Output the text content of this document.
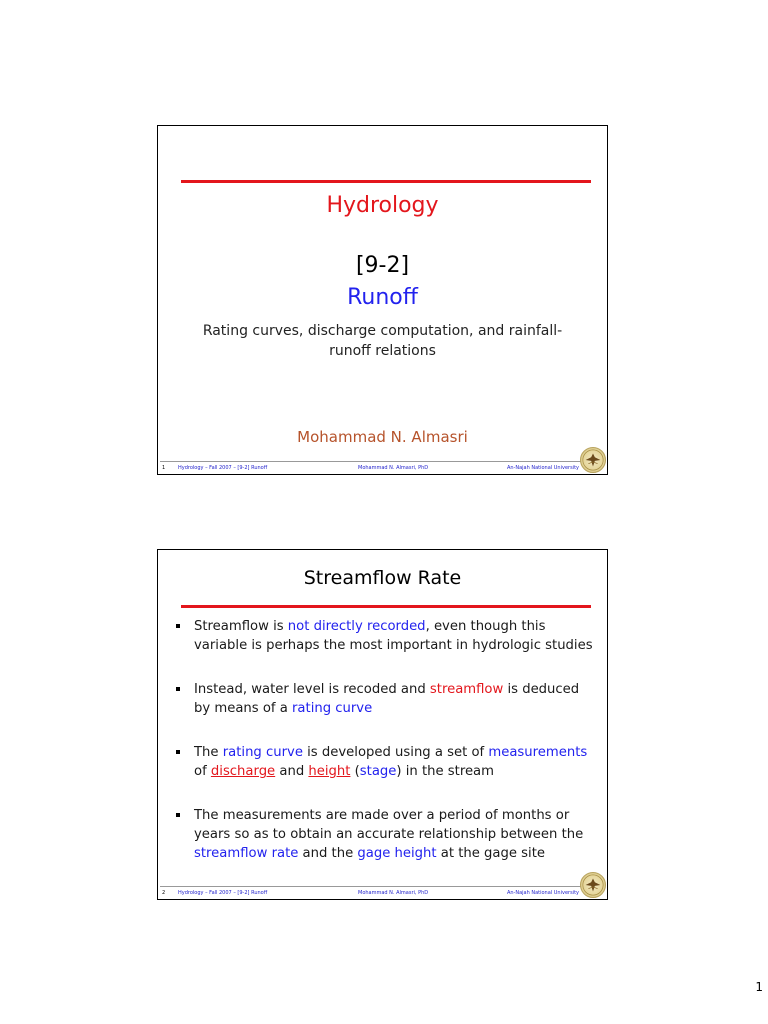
Hydrology
[9-2]
Runoff
Rating curves, discharge computation, and rainfall-
runoff relations
Mohammad N. Almasri
1	Hydrology – Fall 2007 – [9-2] Runoff	Mohammad N. Almasri, PhD	An-Najah National University
Streamflow Rate
Streamflow is not directly recorded, even though this variable is perhaps the most important in hydrologic studies
Instead, water level is recoded and streamflow is deduced by means of a rating curve
The rating curve is developed using a set of measurements of discharge and height (stage) in the stream
The measurements are made over a period of months or years so as to obtain an accurate relationship between the streamflow rate and the gage height at the gage site
2	Hydrology – Fall 2007 – [9-2] Runoff	Mohammad N. Almasri, PhD	An-Najah National University
1
